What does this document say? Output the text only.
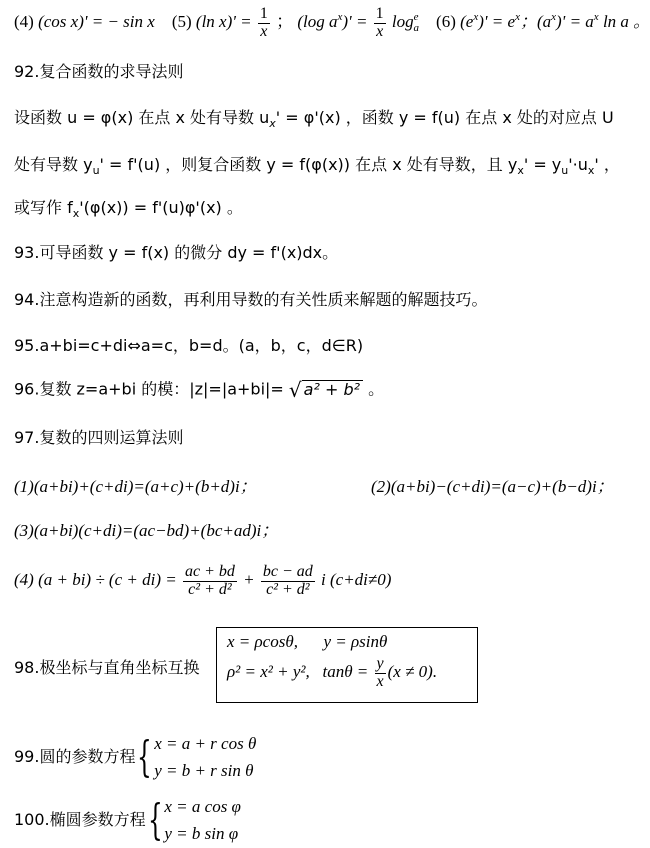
(4) (cos x)' = − sin x (5) (ln $x)' = \frac{1}{x}$ ； (log $a^x)' = \frac{1}{x} \log^e_a (6)$ $(e^x)' = e^x$；$(a^x)' = a^x$ ln a 。
92.复合函数的求导法则
设函数 u = φ(x) 在点 x 处有导数 $u_x' = \varphi'(x)$ ，函数 y = f(u) 在点 x 处的对应点 U
处有导数 $y_u' = f'(u)$ ，则复合函数 y = f(φ(x)) 在点 x 处有导数，且 $y_x' = y_u'\cdot u_x'$ ，
或写作 $f_x'(\varphi(x)) = f'(u)\varphi'(x)$ 。
93.可导函数 y = f(x) 的微分 dy = f'(x)dx。
94.注意构造新的函数，再利用导数的有关性质来解题的解题技巧。
95.a+bi=c+di⇔a=c，b=d。(a，b，c，d∈R)
96.复数 z=a+bi 的模：|z|=|a+bi|= √ a² + b² 。
97.复数的四则运算法则
(1)(a+bi)+(c+di)=(a+c)+(b+d)i；	(2)(a+bi)−(c+di)=(a−c)+(b−d)i；
(3)(a+bi)(c+di)=(ac−bd)+(bc+ad)i；
(4) $(a + bi) \div (c + di) = \frac{ac + bd}{\text{c² + d²}} + \frac{bc - ad}{\text{c² + d²}}$ i (c+di≠0)
98.极坐标与直角坐标互换
x = ρcosθ, y = ρsinθ
ρ² = x² + y², $\tan\theta = \frac{y}{x} (x \ne 0)$.
99.圆的参数方程{ x = a + r cos θ
y = b + r sin θ
100.椭圆参数方程{ x = a cos φ
y = b sin φ
